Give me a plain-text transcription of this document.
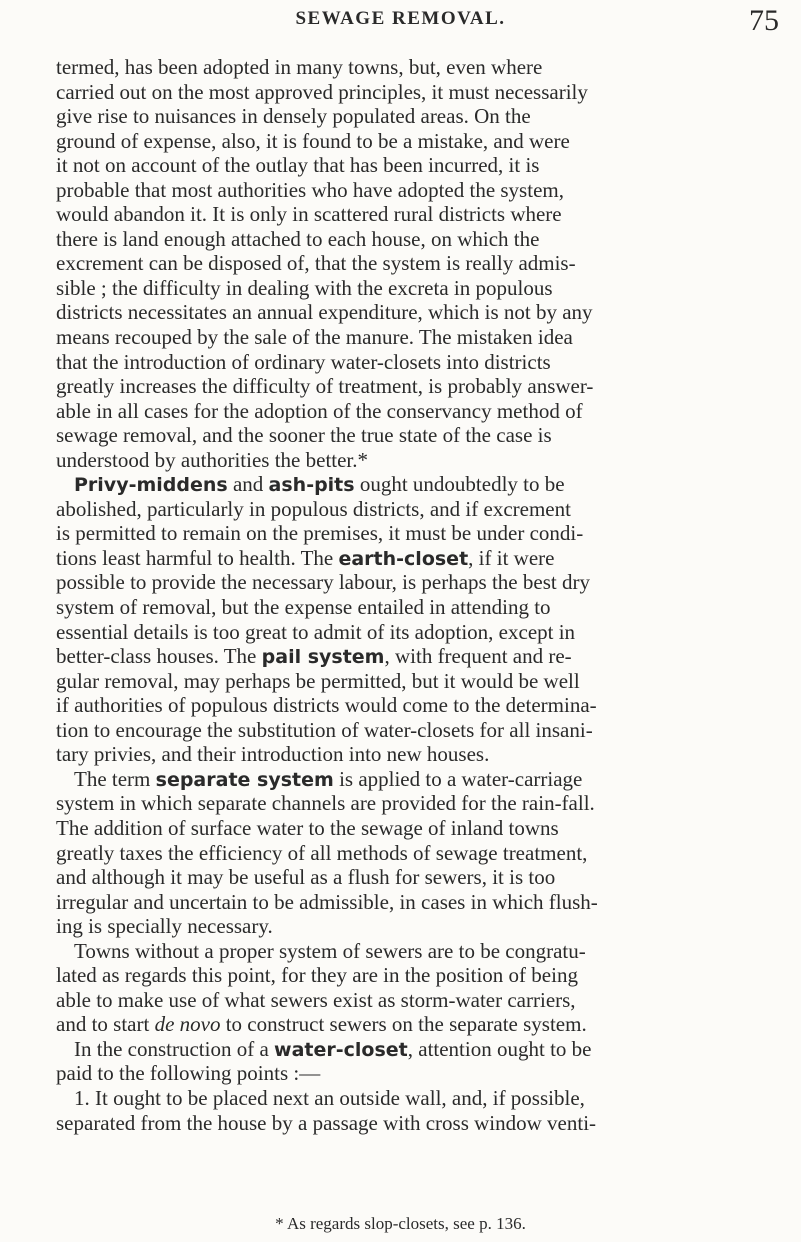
SEWAGE REMOVAL.	75
termed, has been adopted in many towns, but, even where
carried out on the most approved principles, it must necessarily
give rise to nuisances in densely populated areas. On the
ground of expense, also, it is found to be a mistake, and were
it not on account of the outlay that has been incurred, it is
probable that most authorities who have adopted the system,
would abandon it. It is only in scattered rural districts where
there is land enough attached to each house, on which the
excrement can be disposed of, that the system is really admis-
sible ; the difficulty in dealing with the excreta in populous
districts necessitates an annual expenditure, which is not by any
means recouped by the sale of the manure. The mistaken idea
that the introduction of ordinary water-closets into districts
greatly increases the difficulty of treatment, is probably answer-
able in all cases for the adoption of the conservancy method of
sewage removal, and the sooner the true state of the case is
understood by authorities the better.*
Privy-middens and ash-pits ought undoubtedly to be
abolished, particularly in populous districts, and if excrement
is permitted to remain on the premises, it must be under condi-
tions least harmful to health. The earth-closet, if it were
possible to provide the necessary labour, is perhaps the best dry
system of removal, but the expense entailed in attending to
essential details is too great to admit of its adoption, except in
better-class houses. The pail system, with frequent and re-
gular removal, may perhaps be permitted, but it would be well
if authorities of populous districts would come to the determina-
tion to encourage the substitution of water-closets for all insani-
tary privies, and their introduction into new houses.
The term separate system is applied to a water-carriage
system in which separate channels are provided for the rain-fall.
The addition of surface water to the sewage of inland towns
greatly taxes the efficiency of all methods of sewage treatment,
and although it may be useful as a flush for sewers, it is too
irregular and uncertain to be admissible, in cases in which flush-
ing is specially necessary.
Towns without a proper system of sewers are to be congratu-
lated as regards this point, for they are in the position of being
able to make use of what sewers exist as storm-water carriers,
and to start de novo to construct sewers on the separate system.
In the construction of a water-closet, attention ought to be
paid to the following points :—
1. It ought to be placed next an outside wall, and, if possible,
separated from the house by a passage with cross window venti-
* As regards slop-closets, see p. 136.
